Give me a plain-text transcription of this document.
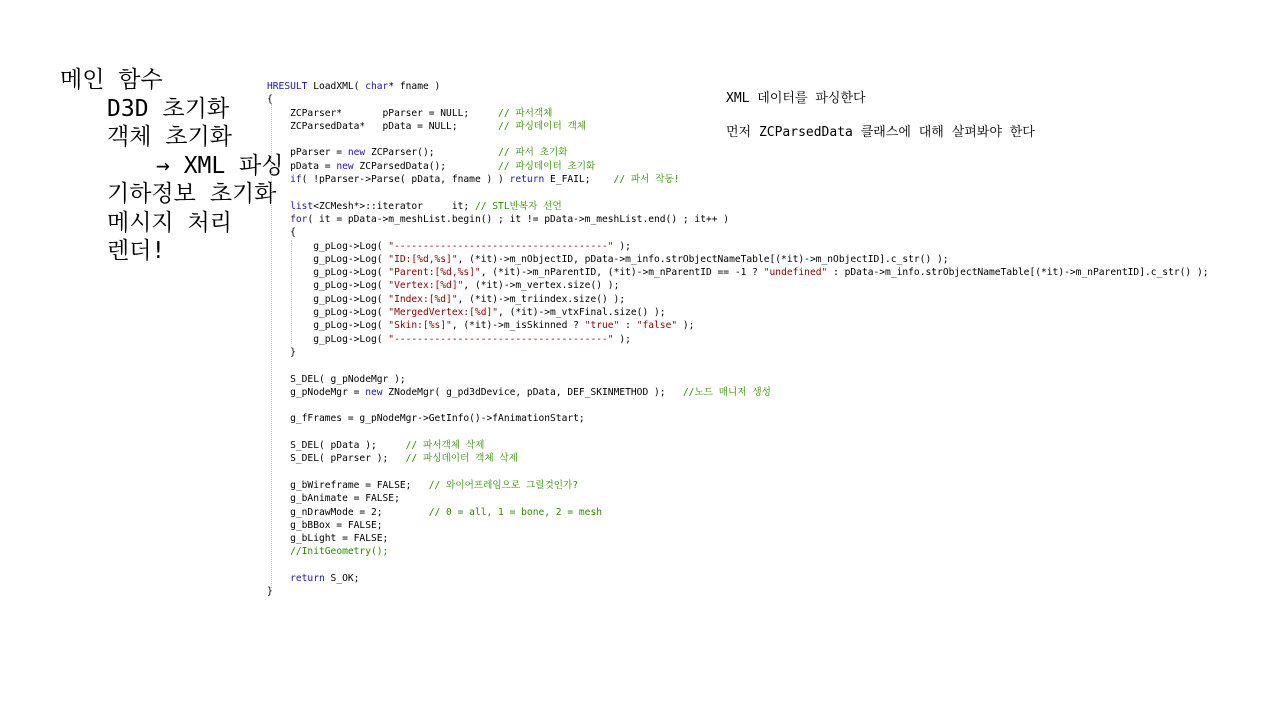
메인 함수
D3D 초기화
객체 초기화
→ XML 파싱
기하정보 초기화
메시지 처리
렌더!
HRESULT LoadXML( char* fname )
{
ZCParser*       pParser = NULL;     // 파서객체
ZCParsedData*   pData = NULL;       // 파싱데이터 객체
pParser = new ZCParser();           // 파서 초기화
pData = new ZCParsedData();         // 파싱데이터 초기화
if( !pParser->Parse( pData, fname ) ) return E_FAIL;    // 파서 작동!
list<ZCMesh*>::iterator     it; // STL반복자 선언
for( it = pData->m_meshList.begin() ; it != pData->m_meshList.end() ; it++ )
{
g_pLog->Log( "-------------------------------------" );
g_pLog->Log( "ID:[%d,%s]", (*it)->m_nObjectID, pData->m_info.strObjectNameTable[(*it)->m_nObjectID].c_str() );
g_pLog->Log( "Parent:[%d,%s]", (*it)->m_nParentID, (*it)->m_nParentID == -1 ? "undefined" : pData->m_info.strObjectNameTable[(*it)->m_nParentID].c_str() );
g_pLog->Log( "Vertex:[%d]", (*it)->m_vertex.size() );
g_pLog->Log( "Index:[%d]", (*it)->m_triindex.size() );
g_pLog->Log( "MergedVertex:[%d]", (*it)->m_vtxFinal.size() );
g_pLog->Log( "Skin:[%s]", (*it)->m_isSkinned ? "true" : "false" );
g_pLog->Log( "-------------------------------------" );
}
S_DEL( g_pNodeMgr );
g_pNodeMgr = new ZNodeMgr( g_pd3dDevice, pData, DEF_SKINMETHOD );   //노드 매니저 생성
g_fFrames = g_pNodeMgr->GetInfo()->fAnimationStart;
S_DEL( pData );     // 파서객체 삭제
S_DEL( pParser );   // 파싱데이터 객체 삭제
g_bWireframe = FALSE;   // 와이어프레임으로 그릴것인가?
g_bAnimate = FALSE;
g_nDrawMode = 2;        // 0 = all, 1 = bone, 2 = mesh
g_bBBox = FALSE;
g_bLight = FALSE;
//InitGeometry();
return S_OK;
}
XML 데이터를 파싱한다
먼저 ZCParsedData 클래스에 대해 살펴봐야 한다
